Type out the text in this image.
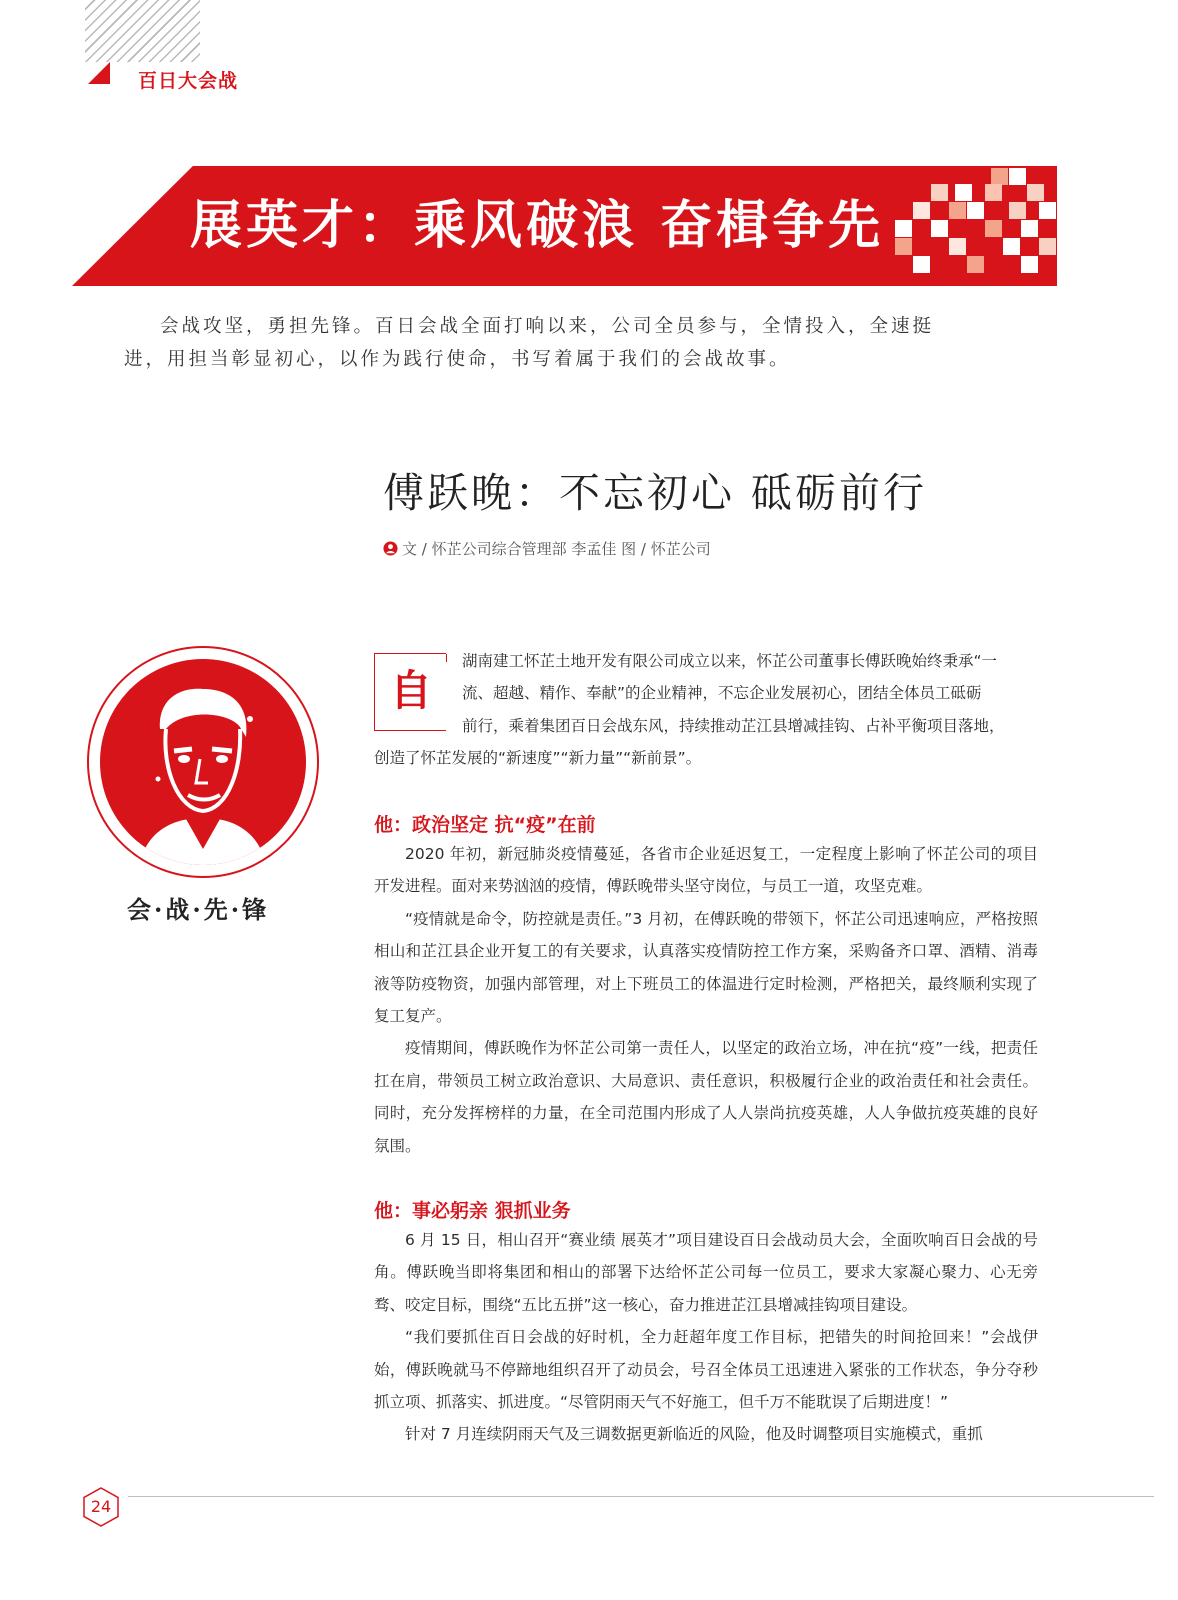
百日大会战
展英才：乘风破浪 奋楫争先
会战攻坚，勇担先锋。百日会战全面打响以来，公司全员参与，全情投入，全速挺进，用担当彰显初心，以作为践行使命，书写着属于我们的会战故事。
傅跃晚：不忘初心 砥砺前行
文 / 怀芷公司综合管理部 李孟佳 图 / 怀芷公司
会·战·先·锋
自

湖南建工怀芷土地开发有限公司成立以来，怀芷公司董事长傅跃晚始终秉承“一

流、超越、精作、奉献”的企业精神，不忘企业发展初心，团结全体员工砥砺

前行，乘着集团百日会战东风，持续推动芷江县增减挂钩、占补平衡项目落地，

创造了怀芷发展的“新速度”“新力量”“新前景”。

他：政治坚定 抗“疫”在前

2020 年初，新冠肺炎疫情蔓延，各省市企业延迟复工，一定程度上影响了怀芷公司的项目开发进程。面对来势汹汹的疫情，傅跃晚带头坚守岗位，与员工一道，攻坚克难。

“疫情就是命令，防控就是责任。”3 月初，在傅跃晚的带领下，怀芷公司迅速响应，严格按照相山和芷江县企业开复工的有关要求，认真落实疫情防控工作方案，采购备齐口罩、酒精、消毒液等防疫物资，加强内部管理，对上下班员工的体温进行定时检测，严格把关，最终顺利实现了复工复产。

疫情期间，傅跃晚作为怀芷公司第一责任人，以坚定的政治立场，冲在抗“疫”一线，把责任扛在肩，带领员工树立政治意识、大局意识、责任意识，积极履行企业的政治责任和社会责任。同时，充分发挥榜样的力量，在全司范围内形成了人人崇尚抗疫英雄，人人争做抗疫英雄的良好氛围。

他：事必躬亲 狠抓业务

6 月 15 日，相山召开“赛业绩 展英才”项目建设百日会战动员大会，全面吹响百日会战的号角。傅跃晚当即将集团和相山的部署下达给怀芷公司每一位员工，要求大家凝心聚力、心无旁骛、咬定目标，围绕“五比五拼”这一核心，奋力推进芷江县增减挂钩项目建设。

“我们要抓住百日会战的好时机，全力赶超年度工作目标，把错失的时间抢回来！”会战伊始，傅跃晚就马不停蹄地组织召开了动员会，号召全体员工迅速进入紧张的工作状态，争分夺秒抓立项、抓落实、抓进度。“尽管阴雨天气不好施工，但千万不能耽误了后期进度！”

针对 7 月连续阴雨天气及三调数据更新临近的风险，他及时调整项目实施模式，重抓

24
